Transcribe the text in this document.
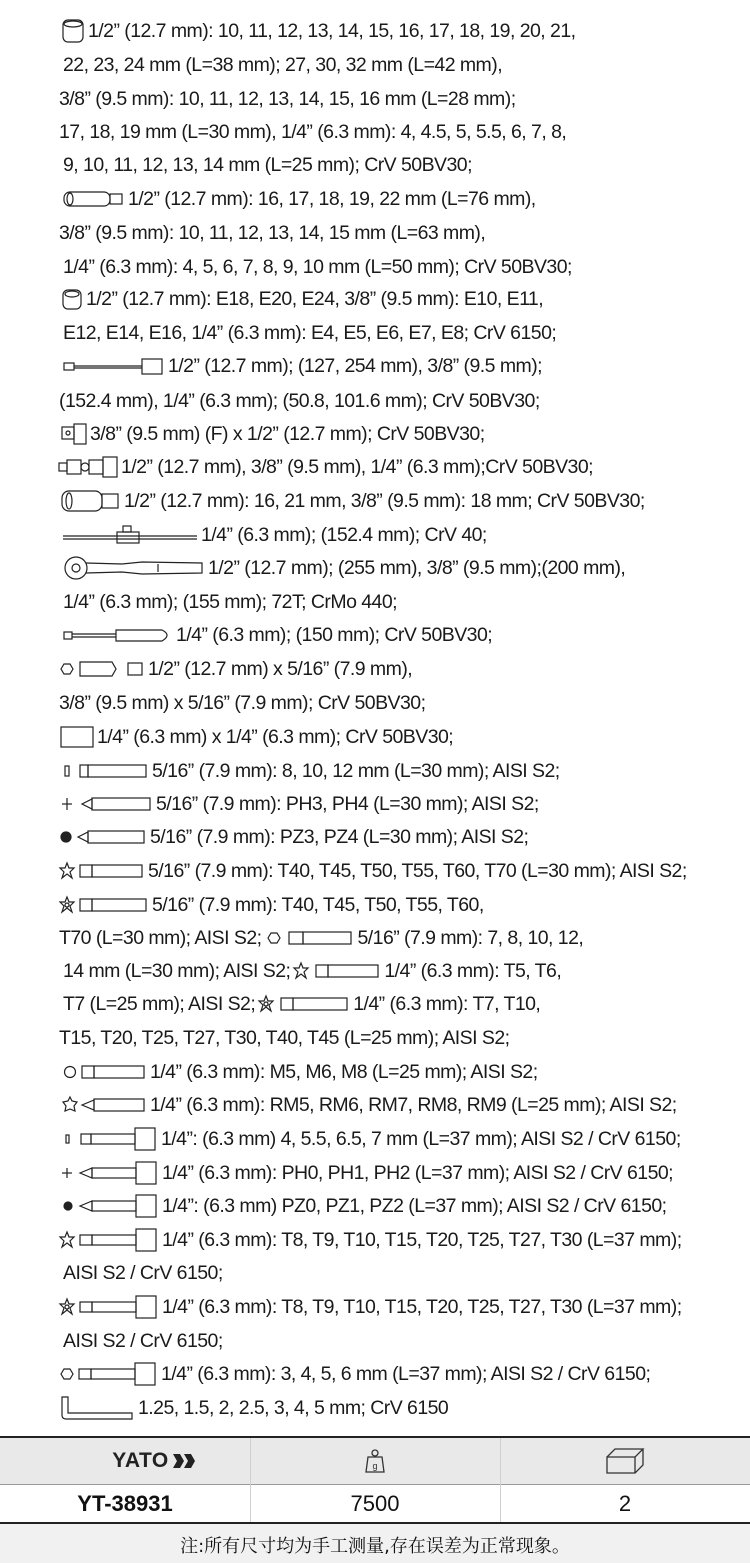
1/2” (12.7 mm): 10, 11, 12, 13, 14, 15, 16, 17, 18, 19, 20, 21,
22, 23, 24 mm (L=38 mm); 27, 30, 32 mm (L=42 mm),
3/8” (9.5 mm): 10, 11, 12, 13, 14, 15, 16 mm (L=28 mm);
17, 18, 19 mm (L=30 mm), 1/4” (6.3 mm): 4, 4.5, 5, 5.5, 6, 7, 8,
9, 10, 11, 12, 13, 14 mm (L=25 mm); CrV 50BV30;
1/2” (12.7 mm): 16, 17, 18, 19, 22 mm (L=76 mm),
3/8” (9.5 mm): 10, 11, 12, 13, 14, 15 mm (L=63 mm),
1/4” (6.3 mm): 4, 5, 6, 7, 8, 9, 10 mm (L=50 mm); CrV 50BV30;
1/2” (12.7 mm): E18, E20, E24, 3/8” (9.5 mm): E10, E11,
E12, E14, E16, 1/4” (6.3 mm): E4, E5, E6, E7, E8; CrV 6150;
1/2” (12.7 mm); (127, 254 mm), 3/8” (9.5 mm);
(152.4 mm), 1/4” (6.3 mm); (50.8, 101.6 mm); CrV 50BV30;
3/8” (9.5 mm) (F) x 1/2” (12.7 mm); CrV 50BV30;
1/2” (12.7 mm), 3/8” (9.5 mm), 1/4” (6.3 mm);CrV 50BV30;
1/2” (12.7 mm): 16, 21 mm, 3/8” (9.5 mm): 18 mm; CrV 50BV30;
1/4” (6.3 mm); (152.4 mm); CrV 40;
1/2” (12.7 mm); (255 mm), 3/8” (9.5 mm);(200 mm),
1/4” (6.3 mm); (155 mm); 72T; CrMo 440;
1/4” (6.3 mm); (150 mm); CrV 50BV30;
1/2” (12.7 mm) x 5/16” (7.9 mm),
3/8” (9.5 mm) x 5/16” (7.9 mm); CrV 50BV30;
1/4” (6.3 mm) x 1/4” (6.3 mm); CrV 50BV30;
5/16” (7.9 mm): 8, 10, 12 mm (L=30 mm); AISI S2;
5/16” (7.9 mm): PH3, PH4 (L=30 mm); AISI S2;
5/16” (7.9 mm): PZ3, PZ4 (L=30 mm); AISI S2;
5/16” (7.9 mm): T40, T45, T50, T55, T60, T70 (L=30 mm); AISI S2;
5/16” (7.9 mm): T40, T45, T50, T55, T60,
T70 (L=30 mm); AISI S2;	5/16” (7.9 mm): 7, 8, 10, 12,
14 mm (L=30 mm); AISI S2;	1/4” (6.3 mm): T5, T6,
T7 (L=25 mm); AISI S2;	1/4” (6.3 mm): T7, T10,
T15, T20, T25, T27, T30, T40, T45 (L=25 mm); AISI S2;
1/4” (6.3 mm): M5, M6, M8 (L=25 mm); AISI S2;
1/4” (6.3 mm): RM5, RM6, RM7, RM8, RM9 (L=25 mm); AISI S2;
1/4”: (6.3 mm) 4, 5.5, 6.5, 7 mm (L=37 mm); AISI S2 / CrV 6150;
1/4” (6.3 mm): PH0, PH1, PH2 (L=37 mm); AISI S2 / CrV 6150;
1/4”: (6.3 mm) PZ0, PZ1, PZ2 (L=37 mm); AISI S2 / CrV 6150;
1/4” (6.3 mm): T8, T9, T10, T15, T20, T25, T27, T30 (L=37 mm);
AISI S2 / CrV 6150;
1/4” (6.3 mm): T8, T9, T10, T15, T20, T25, T27, T30 (L=37 mm);
AISI S2 / CrV 6150;
1/4” (6.3 mm): 3, 4, 5, 6 mm (L=37 mm); AISI S2 / CrV 6150;
1.25, 1.5, 2, 2.5, 3, 4, 5 mm; CrV 6150
YATO	g
YT-38931	7500	2
注:所有尺寸均为手工测量,存在误差为正常现象。
